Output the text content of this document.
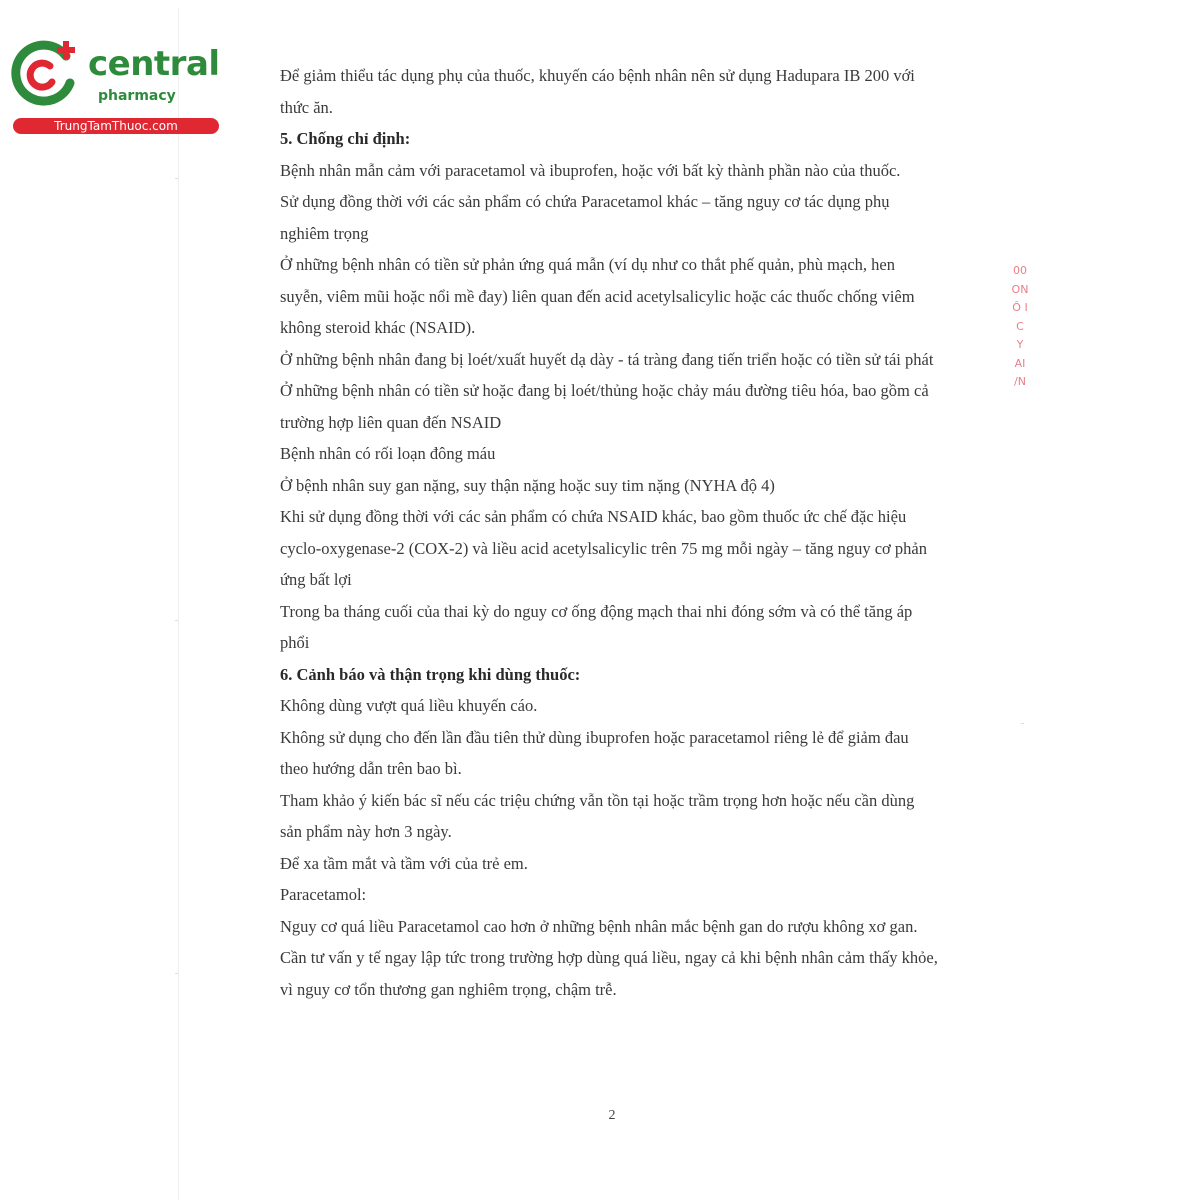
central
pharmacy
TrungTamThuoc.com

Để giảm thiểu tác dụng phụ của thuốc, khuyến cáo bệnh nhân nên sử dụng Hadupara IB 200 với thức ăn.

5. Chống chỉ định:

Bệnh nhân mẫn cảm với paracetamol và ibuprofen, hoặc với bất kỳ thành phần nào của thuốc.

Sử dụng đồng thời với các sản phẩm có chứa Paracetamol khác – tăng nguy cơ tác dụng phụ nghiêm trọng

Ở những bệnh nhân có tiền sử phản ứng quá mẫn (ví dụ như co thắt phế quản, phù mạch, hen suyễn, viêm mũi hoặc nổi mề đay) liên quan đến acid acetylsalicylic hoặc các thuốc chống viêm không steroid khác (NSAID).

Ở những bệnh nhân đang bị loét/xuất huyết dạ dày - tá tràng đang tiến triển hoặc có tiền sử tái phát

Ở những bệnh nhân có tiền sử hoặc đang bị loét/thủng hoặc chảy máu đường tiêu hóa, bao gồm cả trường hợp liên quan đến NSAID

Bệnh nhân có rối loạn đông máu

Ở bệnh nhân suy gan nặng, suy thận nặng hoặc suy tim nặng (NYHA độ 4)

Khi sử dụng đồng thời với các sản phẩm có chứa NSAID khác, bao gồm thuốc ức chế đặc hiệu cyclo-oxygenase-2 (COX-2) và liều acid acetylsalicylic trên 75 mg mỗi ngày – tăng nguy cơ phản ứng bất lợi

Trong ba tháng cuối của thai kỳ do nguy cơ ống động mạch thai nhi đóng sớm và có thể tăng áp phổi

6. Cảnh báo và thận trọng khi dùng thuốc:

Không dùng vượt quá liều khuyến cáo.

Không sử dụng cho đến lần đầu tiên thử dùng ibuprofen hoặc paracetamol riêng lẻ để giảm đau theo hướng dẫn trên bao bì.

Tham khảo ý kiến bác sĩ nếu các triệu chứng vẫn tồn tại hoặc trầm trọng hơn hoặc nếu cần dùng sản phẩm này hơn 3 ngày.

Để xa tầm mắt và tầm với của trẻ em.

Paracetamol:

Nguy cơ quá liều Paracetamol cao hơn ở những bệnh nhân mắc bệnh gan do rượu không xơ gan. Cần tư vấn y tế ngay lập tức trong trường hợp dùng quá liều, ngay cả khi bệnh nhân cảm thấy khỏe, vì nguy cơ tổn thương gan nghiêm trọng, chậm trễ.

00
ON
Ô I
C
Y
AI
/N
2
